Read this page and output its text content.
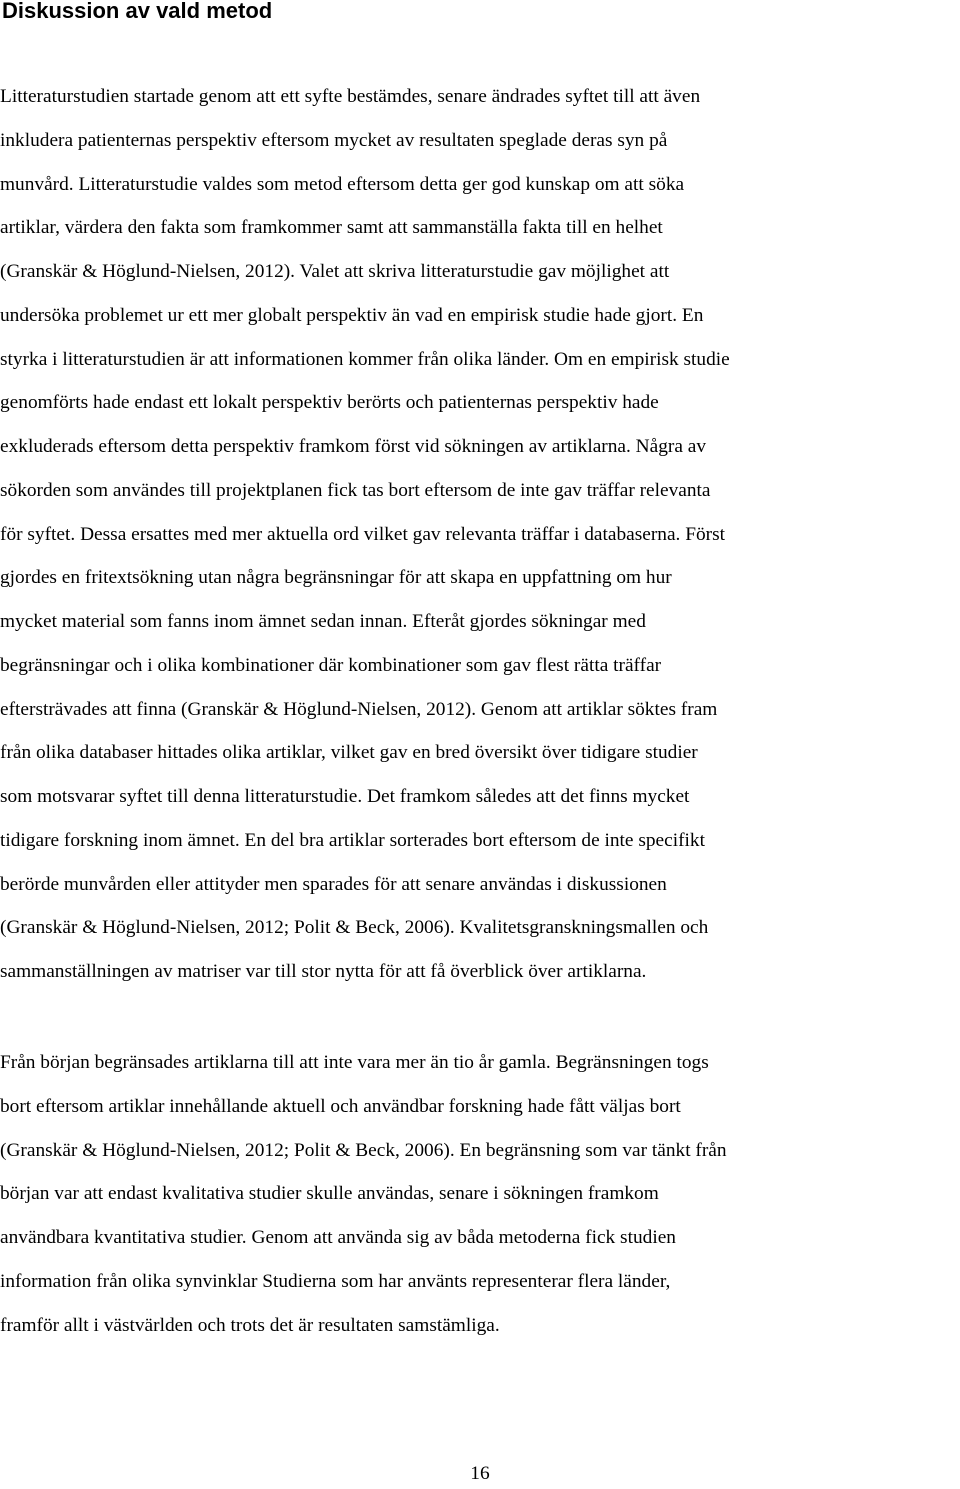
Diskussion av vald metod
Litteraturstudien startade genom att ett syfte bestämdes, senare ändrades syftet till att även
inkludera patienternas perspektiv eftersom mycket av resultaten speglade deras syn på
munvård. Litteraturstudie valdes som metod eftersom detta ger god kunskap om att söka
artiklar, värdera den fakta som framkommer samt att sammanställa fakta till en helhet
(Granskär & Höglund-Nielsen, 2012). Valet att skriva litteraturstudie gav möjlighet att
undersöka problemet ur ett mer globalt perspektiv än vad en empirisk studie hade gjort. En
styrka i litteraturstudien är att informationen kommer från olika länder. Om en empirisk studie
genomförts hade endast ett lokalt perspektiv berörts och patienternas perspektiv hade
exkluderads eftersom detta perspektiv framkom först vid sökningen av artiklarna. Några av
sökorden som användes till projektplanen fick tas bort eftersom de inte gav träffar relevanta
för syftet. Dessa ersattes med mer aktuella ord vilket gav relevanta träffar i databaserna. Först
gjordes en fritextsökning utan några begränsningar för att skapa en uppfattning om hur
mycket material som fanns inom ämnet sedan innan. Efteråt gjordes sökningar med
begränsningar och i olika kombinationer där kombinationer som gav flest rätta träffar
eftersträvades att finna (Granskär & Höglund-Nielsen, 2012). Genom att artiklar söktes fram
från olika databaser hittades olika artiklar, vilket gav en bred översikt över tidigare studier
som motsvarar syftet till denna litteraturstudie. Det framkom således att det finns mycket
tidigare forskning inom ämnet. En del bra artiklar sorterades bort eftersom de inte specifikt
berörde munvården eller attityder men sparades för att senare användas i diskussionen
(Granskär & Höglund-Nielsen, 2012; Polit & Beck, 2006). Kvalitetsgranskningsmallen och
sammanställningen av matriser var till stor nytta för att få överblick över artiklarna.
Från början begränsades artiklarna till att inte vara mer än tio år gamla. Begränsningen togs
bort eftersom artiklar innehållande aktuell och användbar forskning hade fått väljas bort
(Granskär & Höglund-Nielsen, 2012; Polit & Beck, 2006). En begränsning som var tänkt från
början var att endast kvalitativa studier skulle användas, senare i sökningen framkom
användbara kvantitativa studier. Genom att använda sig av båda metoderna fick studien
information från olika synvinklar Studierna som har använts representerar flera länder,
framför allt i västvärlden och trots det är resultaten samstämliga.

16
